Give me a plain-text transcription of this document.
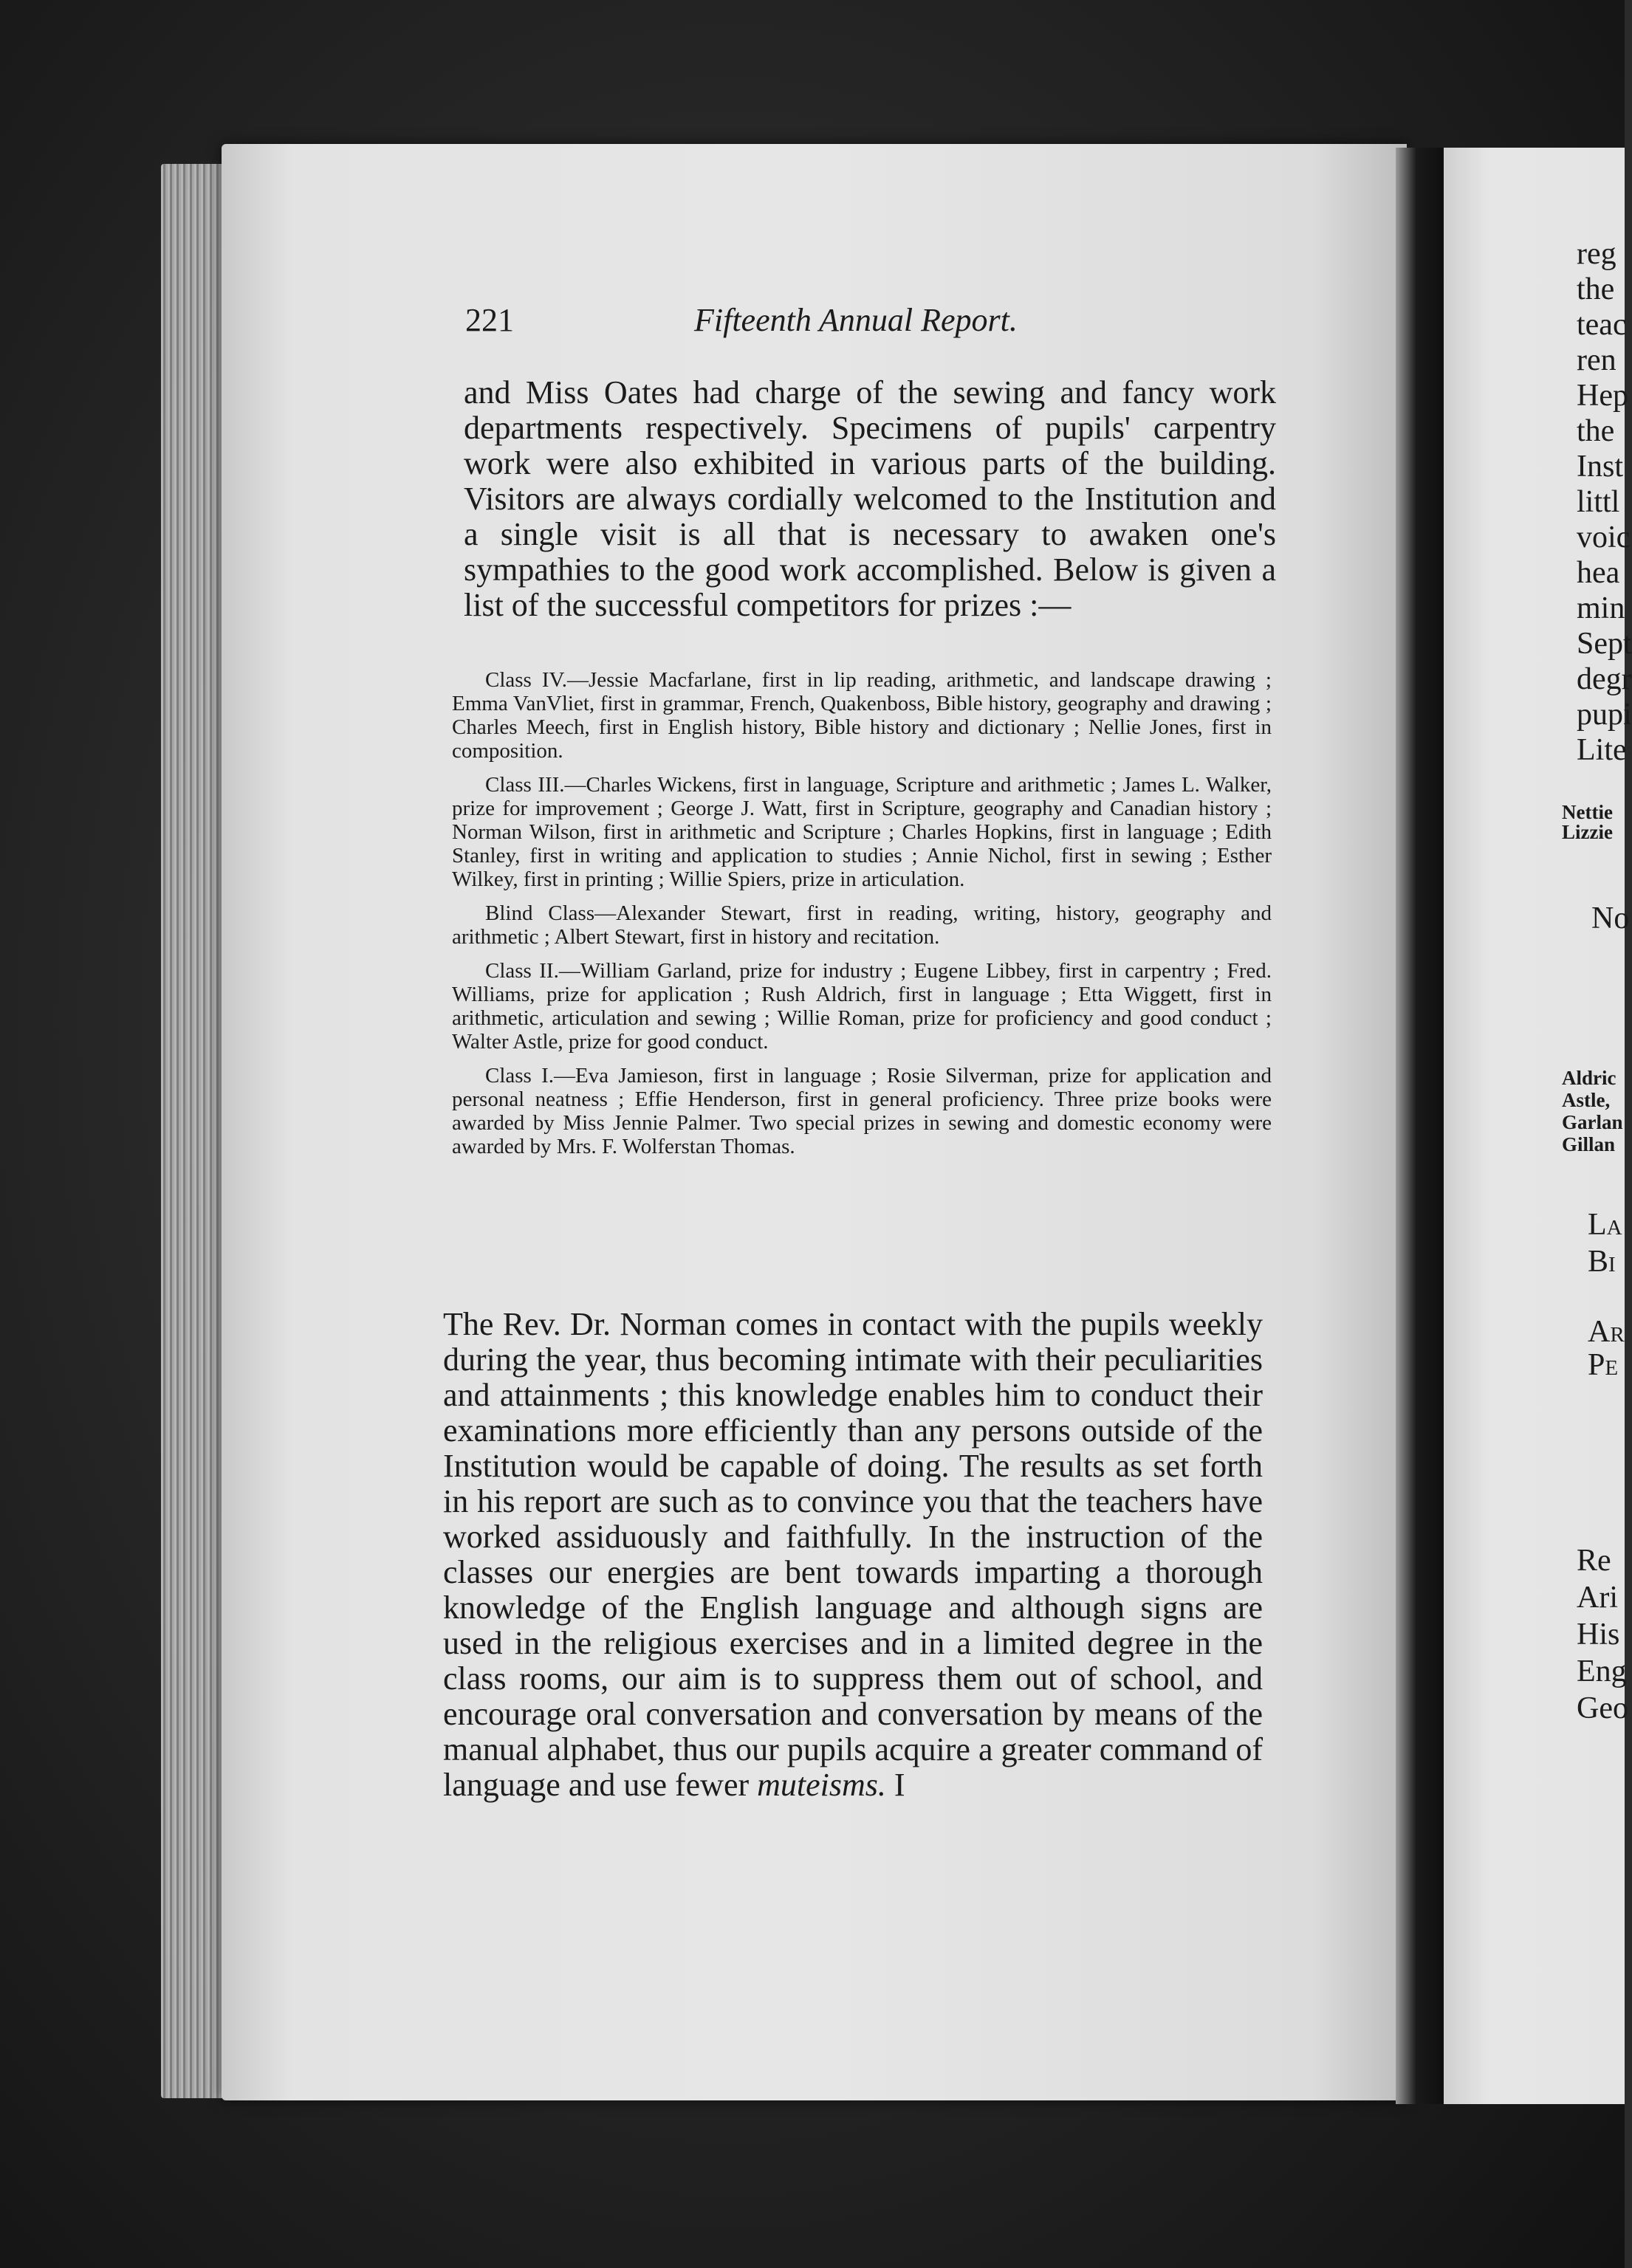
reg
the
teac
ren
Hep
the
Inst
littl
voic
hea
min
Sept
degr
pupi
Lite
Nettie
Lizzie
No
Aldric
Astle,
Garlan
Gillan
La
Bi
Ar
Pe
Re
Ari
His
Eng
Geo
221	Fifteenth Annual Report.

and Miss Oates had charge of the sewing and fancy work departments respectively. Specimens of pupils' carpentry work were also exhibited in various parts of the building. Visitors are always cordially welcomed to the Institution and a single visit is all that is necessary to awaken one's sympathies to the good work accomplished. Below is given a list of the successful competitors for prizes :—

Class IV.—Jessie Macfarlane, first in lip reading, arithmetic, and landscape drawing ; Emma VanVliet, first in grammar, French, Quakenboss, Bible history, geography and drawing ; Charles Meech, first in English history, Bible history and dictionary ; Nellie Jones, first in composition.

Class III.—Charles Wickens, first in language, Scripture and arithmetic ; James L. Walker, prize for improvement ; George J. Watt, first in Scripture, geography and Canadian history ; Norman Wilson, first in arithmetic and Scripture ; Charles Hopkins, first in language ; Edith Stanley, first in writing and application to studies ; Annie Nichol, first in sewing ; Esther Wilkey, first in printing ; Willie Spiers, prize in articulation.

Blind Class—Alexander Stewart, first in reading, writing, history, geography and arithmetic ; Albert Stewart, first in history and recitation.

Class II.—William Garland, prize for industry ; Eugene Libbey, first in carpentry ; Fred. Williams, prize for application ; Rush Aldrich, first in language ; Etta Wiggett, first in arithmetic, articulation and sewing ; Willie Roman, prize for proficiency and good conduct ; Walter Astle, prize for good conduct.

Class I.—Eva Jamieson, first in language ; Rosie Silverman, prize for application and personal neatness ; Effie Henderson, first in general proficiency. Three prize books were awarded by Miss Jennie Palmer. Two special prizes in sewing and domestic economy were awarded by Mrs. F. Wolferstan Thomas.

The Rev. Dr. Norman comes in contact with the pupils weekly during the year, thus becoming intimate with their peculiarities and attainments ; this knowledge enables him to conduct their examinations more efficiently than any persons outside of the Institution would be capable of doing. The results as set forth in his report are such as to convince you that the teachers have worked assiduously and faithfully. In the instruction of the classes our energies are bent towards imparting a thorough knowledge of the English language and although signs are used in the religious exercises and in a limited degree in the class rooms, our aim is to suppress them out of school, and encourage oral conversation and conversation by means of the manual alphabet, thus our pupils acquire a greater command of language and use fewer muteisms. I
